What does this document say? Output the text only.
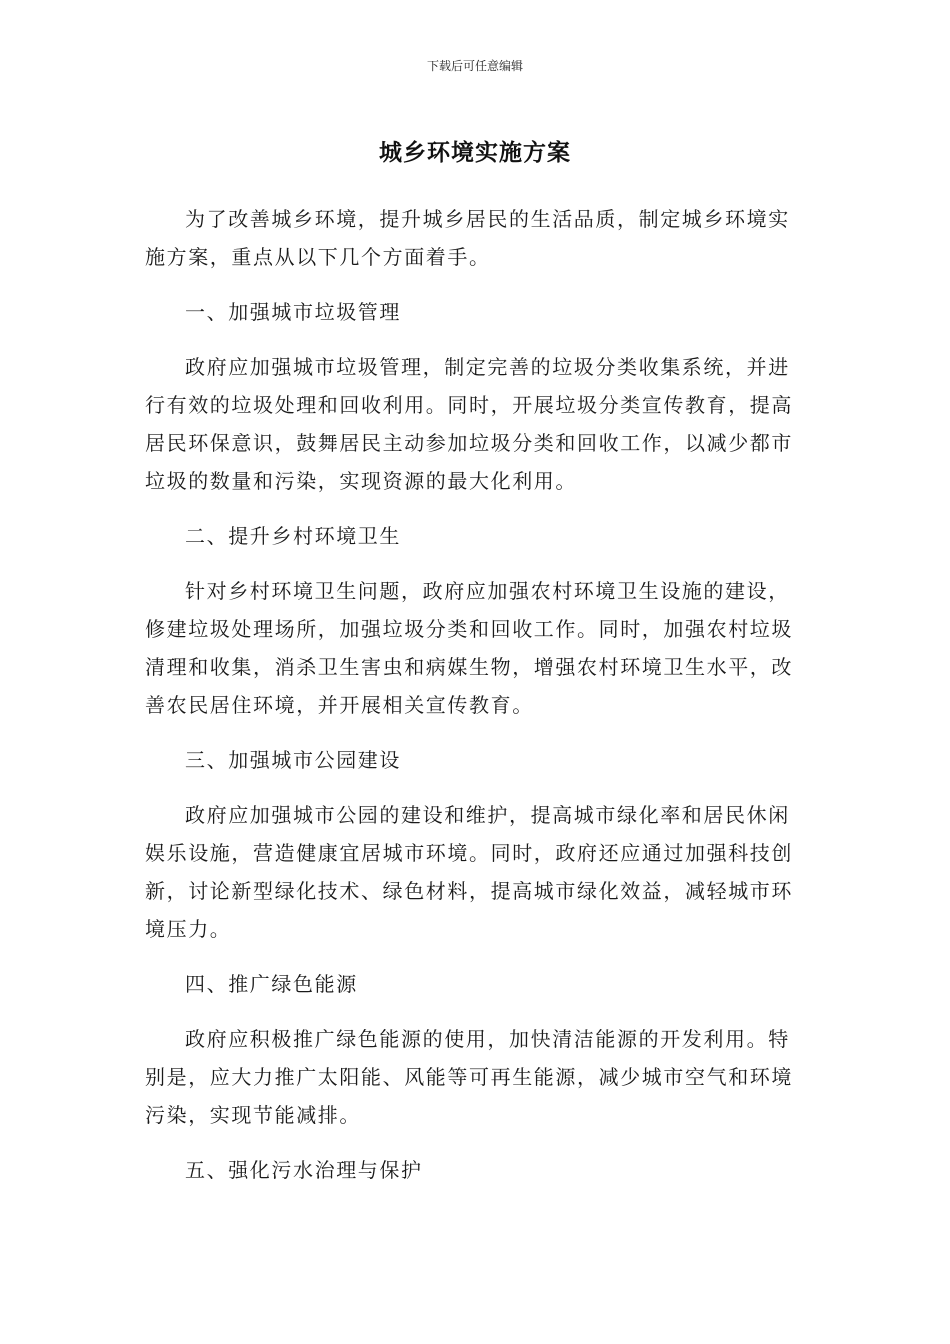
下载后可任意编辑
城乡环境实施方案

为了改善城乡环境，提升城乡居民的生活品质，制定城乡环境实施方案，重点从以下几个方面着手。

一、加强城市垃圾管理

政府应加强城市垃圾管理，制定完善的垃圾分类收集系统，并进行有效的垃圾处理和回收利用。同时，开展垃圾分类宣传教育，提高居民环保意识，鼓舞居民主动参加垃圾分类和回收工作，以减少都市垃圾的数量和污染，实现资源的最大化利用。

二、提升乡村环境卫生

针对乡村环境卫生问题，政府应加强农村环境卫生设施的建设，修建垃圾处理场所，加强垃圾分类和回收工作。同时，加强农村垃圾清理和收集，消杀卫生害虫和病媒生物，增强农村环境卫生水平，改善农民居住环境，并开展相关宣传教育。

三、加强城市公园建设

政府应加强城市公园的建设和维护，提高城市绿化率和居民休闲娱乐设施，营造健康宜居城市环境。同时，政府还应通过加强科技创新，讨论新型绿化技术、绿色材料，提高城市绿化效益，减轻城市环境压力。

四、推广绿色能源

政府应积极推广绿色能源的使用，加快清洁能源的开发利用。特别是，应大力推广太阳能、风能等可再生能源，减少城市空气和环境污染，实现节能减排。

五、强化污水治理与保护
